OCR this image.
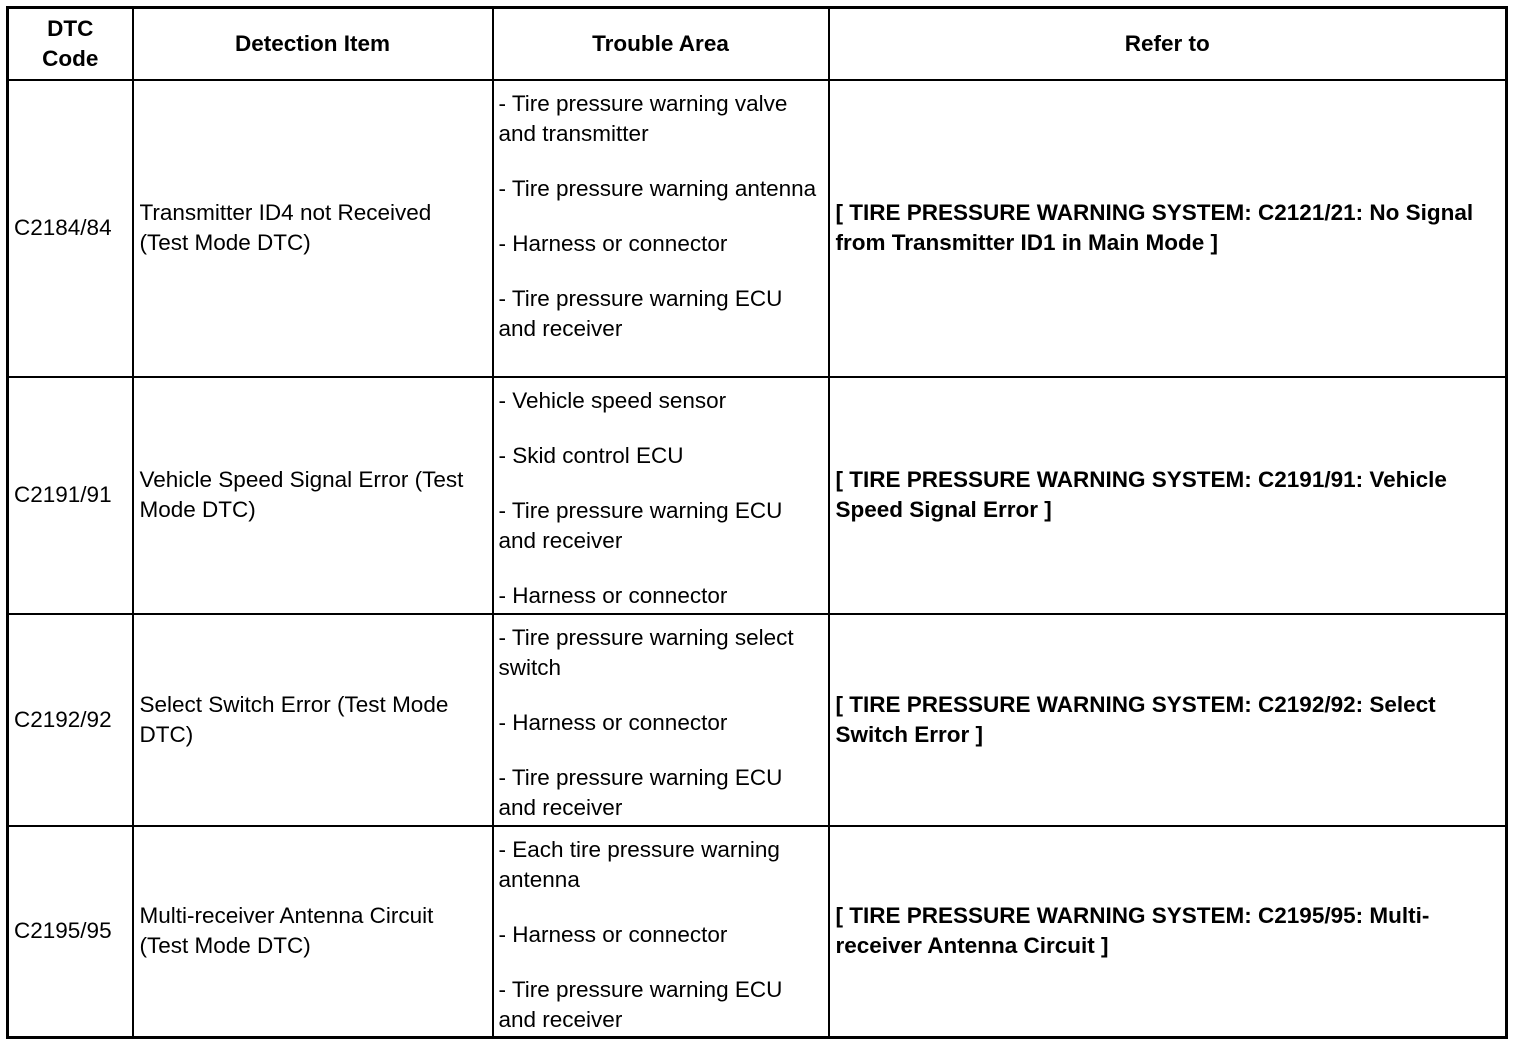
DTC Code	Detection Item	Trouble Area	Refer to
C2184/84	Transmitter ID4 not Received (Test Mode DTC)	- Tire pressure warning valve and transmitter
- Tire pressure warning antenna
- Harness or connector
- Tire pressure warning ECU and receiver	[ TIRE PRESSURE WARNING SYSTEM: C2121/21: No Signal from Transmitter ID1 in Main Mode ]
C2191/91	Vehicle Speed Signal Error (Test Mode DTC)	- Vehicle speed sensor
- Skid control ECU
- Tire pressure warning ECU and receiver
- Harness or connector	[ TIRE PRESSURE WARNING SYSTEM: C2191/91: Vehicle Speed Signal Error ]
C2192/92	Select Switch Error (Test Mode DTC)	- Tire pressure warning select switch
- Harness or connector
- Tire pressure warning ECU and receiver	[ TIRE PRESSURE WARNING SYSTEM: C2192/92: Select Switch Error ]
C2195/95	Multi-receiver Antenna Circuit (Test Mode DTC)	- Each tire pressure warning antenna
- Harness or connector
- Tire pressure warning ECU and receiver	[ TIRE PRESSURE WARNING SYSTEM: C2195/95: Multi-receiver Antenna Circuit ]
